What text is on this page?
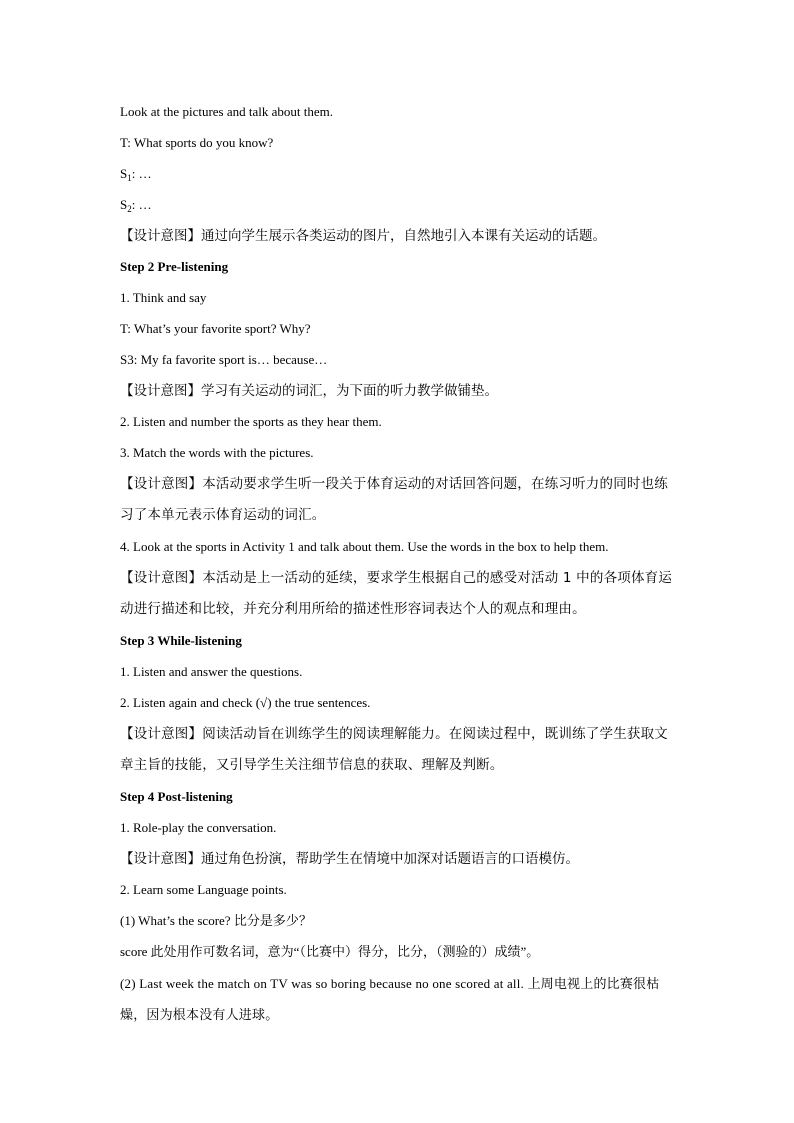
Look at the pictures and talk about them.

T: What sports do you know?

$S_1$: …

$S_2$: …

【设计意图】通过向学生展示各类运动的图片，自然地引入本课有关运动的话题。

Step 2 Pre-listening

1. Think and say

T: What’s your favorite sport? Why?

S3: My fa favorite sport is… because…

【设计意图】学习有关运动的词汇，为下面的听力教学做铺垫。

2. Listen and number the sports as they hear them.

3. Match the words with the pictures.

【设计意图】本活动要求学生听一段关于体育运动的对话回答问题，在练习听力的同时也练习了本单元表示体育运动的词汇。

4. Look at the sports in Activity 1 and talk about them. Use the words in the box to help them.

【设计意图】本活动是上一活动的延续，要求学生根据自己的感受对活动 1 中的各项体育运动进行描述和比较，并充分利用所给的描述性形容词表达个人的观点和理由。

Step 3 While-listening

1. Listen and answer the questions.

2. Listen again and check (√) the true sentences.

【设计意图】阅读活动旨在训练学生的阅读理解能力。在阅读过程中，既训练了学生获取文章主旨的技能，又引导学生关注细节信息的获取、理解及判断。

Step 4 Post-listening

1. Role-play the conversation.

【设计意图】通过角色扮演，帮助学生在情境中加深对话题语言的口语模仿。

2. Learn some Language points.

(1) What’s the score? 比分是多少？

score 此处用作可数名词，意为“（比赛中）得分，比分，（测验的）成绩”。

(2) Last week the match on TV was so boring because no one scored at all. 上周电视上的比赛很枯燥，因为根本没有人进球。
